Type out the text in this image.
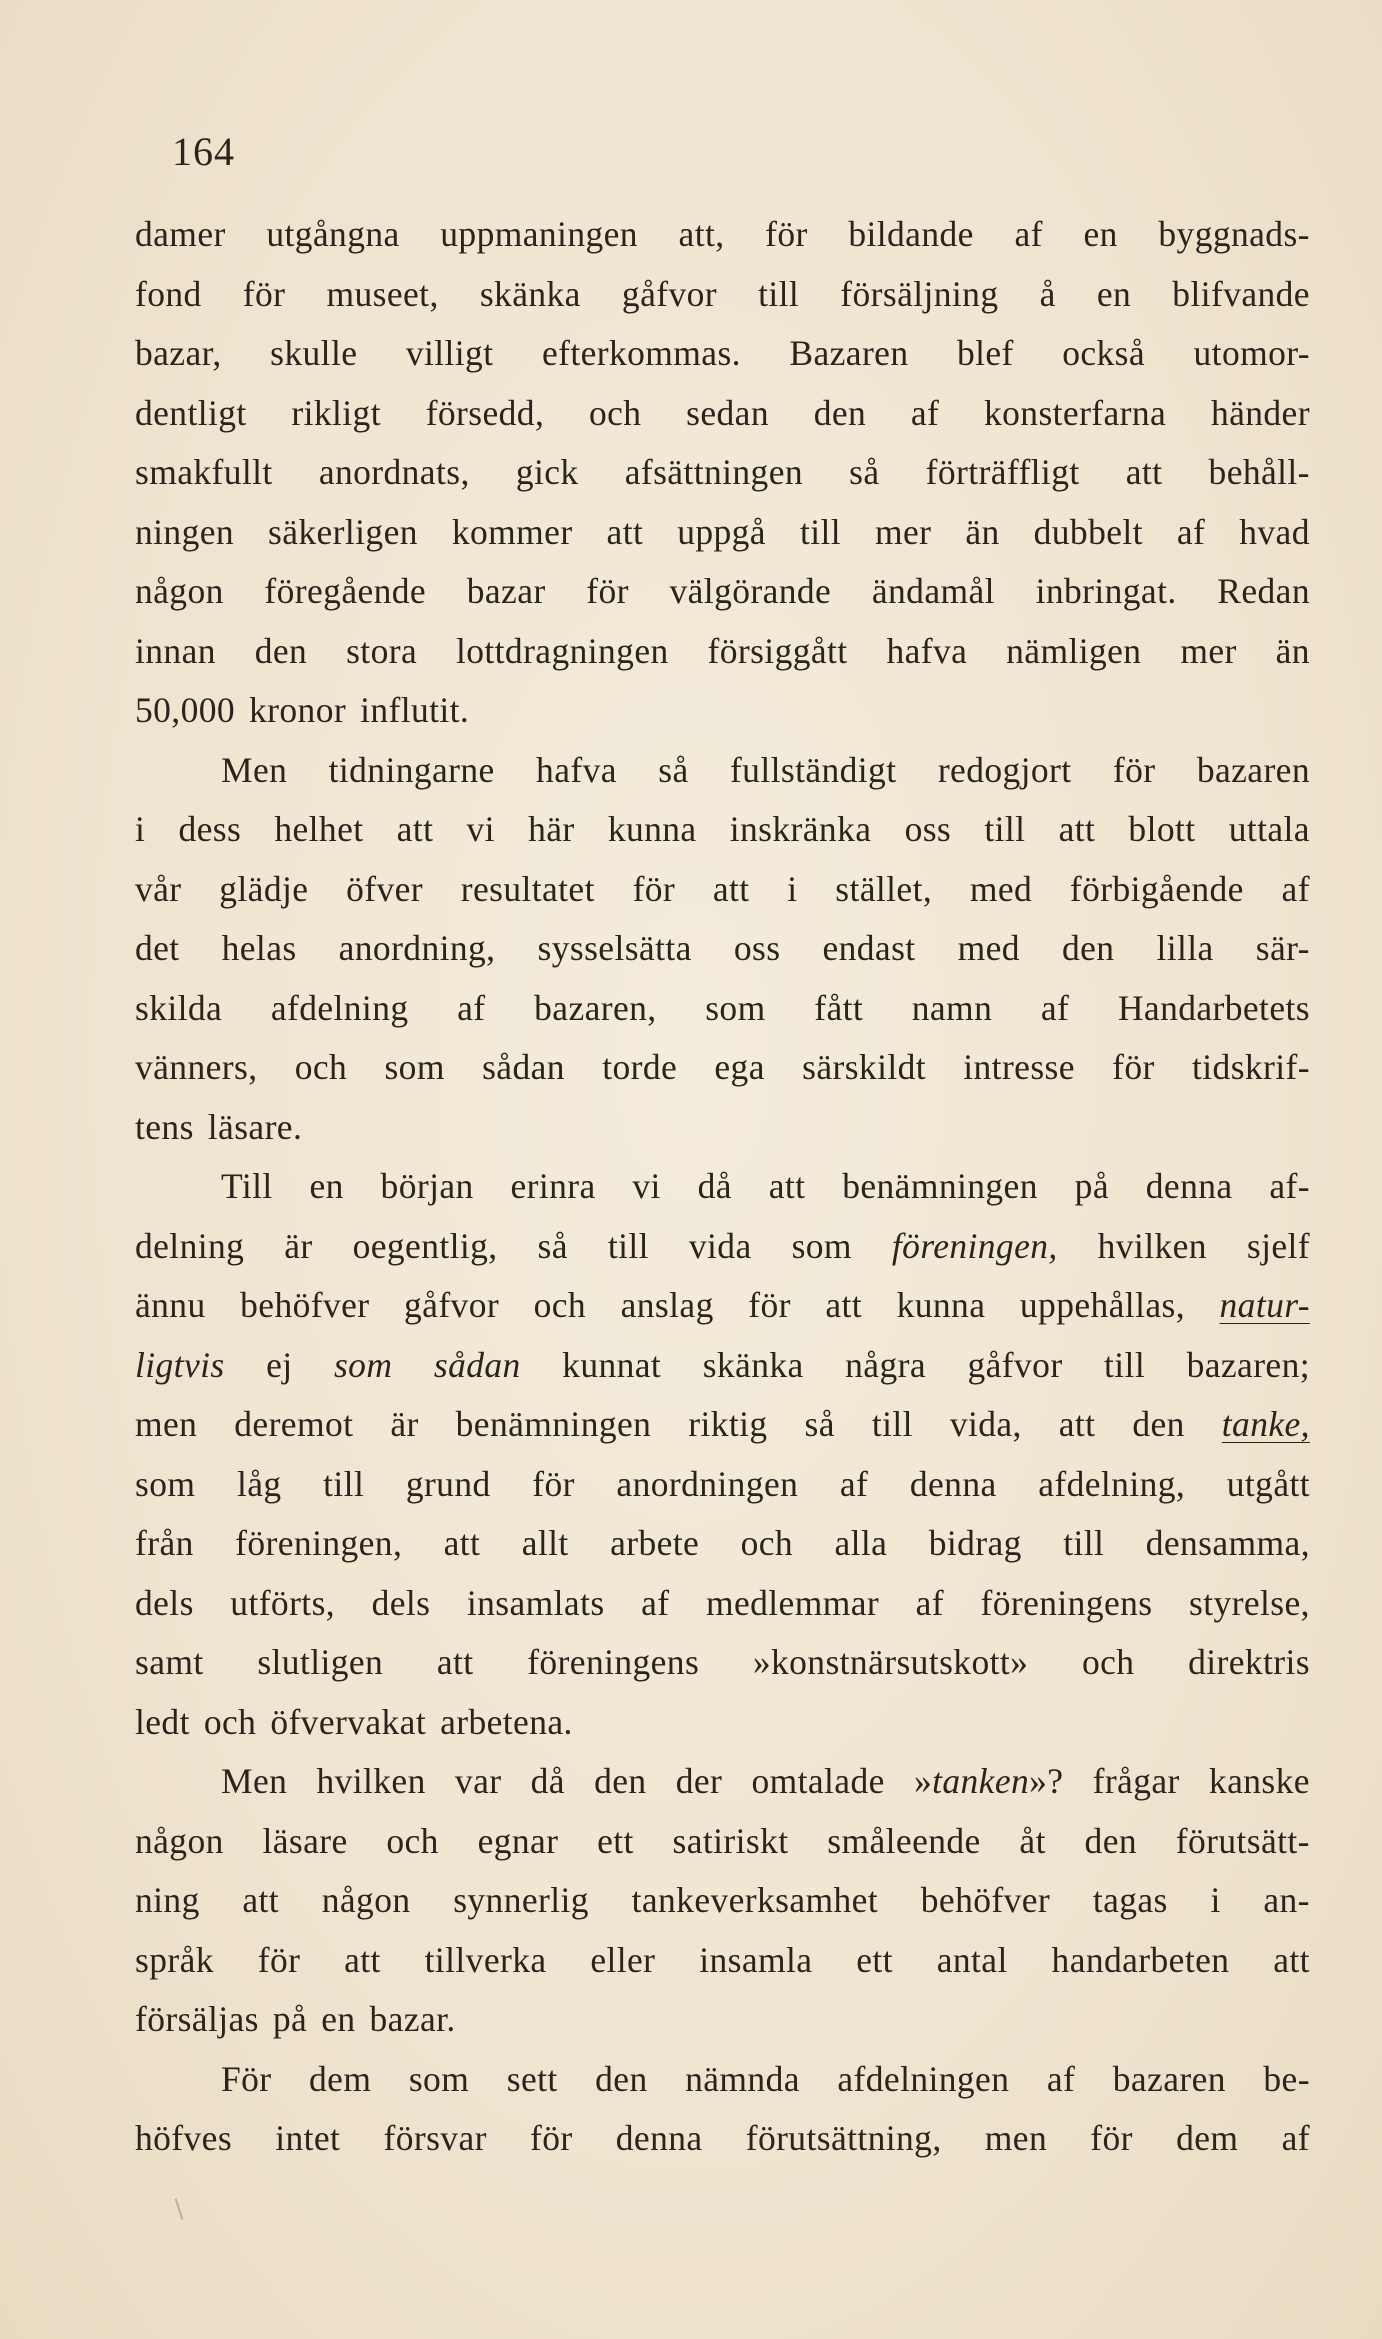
164
damer utgångna uppmaningen att, för bildande af en byggnads-
fond för museet, skänka gåfvor till försäljning å en blifvande
bazar, skulle villigt efterkommas. Bazaren blef också utomor-
dentligt rikligt försedd, och sedan den af konsterfarna händer
smakfullt anordnats, gick afsättningen så förträffligt att behåll-
ningen säkerligen kommer att uppgå till mer än dubbelt af hvad
någon föregående bazar för välgörande ändamål inbringat. Redan
innan den stora lottdragningen försiggått hafva nämligen mer än
50,000 kronor influtit.
Men tidningarne hafva så fullständigt redogjort för bazaren
i dess helhet att vi här kunna inskränka oss till att blott uttala
vår glädje öfver resultatet för att i stället, med förbigående af
det helas anordning, sysselsätta oss endast med den lilla sär-
skilda afdelning af bazaren, som fått namn af Handarbetets
vänners, och som sådan torde ega särskildt intresse för tidskrif-
tens läsare.
Till en början erinra vi då att benämningen på denna af-
delning är oegentlig, så till vida som föreningen, hvilken sjelf
ännu behöfver gåfvor och anslag för att kunna uppehållas, natur-
ligtvis ej som sådan kunnat skänka några gåfvor till bazaren;
men deremot är benämningen riktig så till vida, att den tanke,
som låg till grund för anordningen af denna afdelning, utgått
från föreningen, att allt arbete och alla bidrag till densamma,
dels utförts, dels insamlats af medlemmar af föreningens styrelse,
samt slutligen att föreningens »konstnärsutskott» och direktris
ledt och öfvervakat arbetena.
Men hvilken var då den der omtalade »tanken»? frågar kanske
någon läsare och egnar ett satiriskt småleende åt den förutsätt-
ning att någon synnerlig tankeverksamhet behöfver tagas i an-
språk för att tillverka eller insamla ett antal handarbeten att
försäljas på en bazar.
För dem som sett den nämnda afdelningen af bazaren be-
höfves intet försvar för denna förutsättning, men för dem af
